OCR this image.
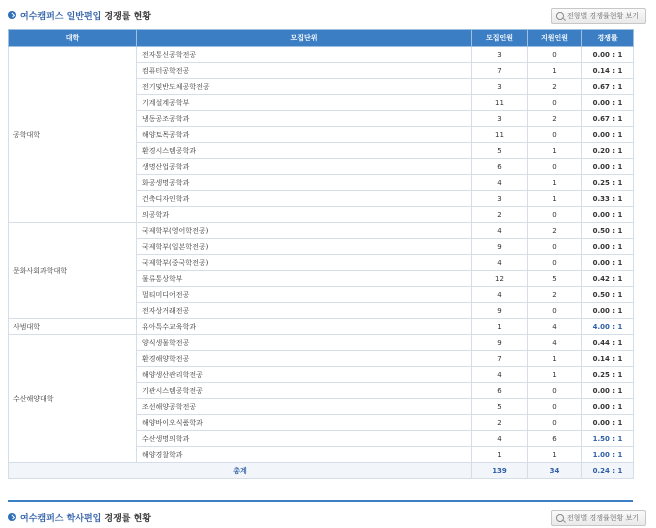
여수캠퍼스 일반편입 경쟁률 현황	전형별 경쟁률현황 보기
대학	모집단위	모집인원	지원인원	경쟁률
공학대학	전자통신공학전공	3	0	0.00 : 1
	컴퓨터공학전공	7	1	0.14 : 1
	전기및반도체공학전공	3	2	0.67 : 1
	기계설계공학부	11	0	0.00 : 1
	냉동공조공학과	3	2	0.67 : 1
	해양토목공학과	11	0	0.00 : 1
	환경시스템공학과	5	1	0.20 : 1
	생명산업공학과	6	0	0.00 : 1
	화공생명공학과	4	1	0.25 : 1
	건축디자인학과	3	1	0.33 : 1
	의공학과	2	0	0.00 : 1
문화사회과학대학	국제학부(영어학전공)	4	2	0.50 : 1
	국제학부(일본학전공)	9	0	0.00 : 1
	국제학부(중국학전공)	4	0	0.00 : 1
	물류통상학부	12	5	0.42 : 1
	멀티미디어전공	4	2	0.50 : 1
	전자상거래전공	9	0	0.00 : 1
사범대학	유아특수교육학과	1	4	4.00 : 1
수산해양대학	양식생물학전공	9	4	0.44 : 1
	환경해양학전공	7	1	0.14 : 1
	해양생산관리학전공	4	1	0.25 : 1
	기관시스템공학전공	6	0	0.00 : 1
	조선해양공학전공	5	0	0.00 : 1
	해양바이오식품학과	2	0	0.00 : 1
	수산생명의학과	4	6	1.50 : 1
	해양경찰학과	1	1	1.00 : 1
총계		139	34	0.24 : 1
여수캠퍼스 학사편입 경쟁률 현황	전형별 경쟁률현황 보기
